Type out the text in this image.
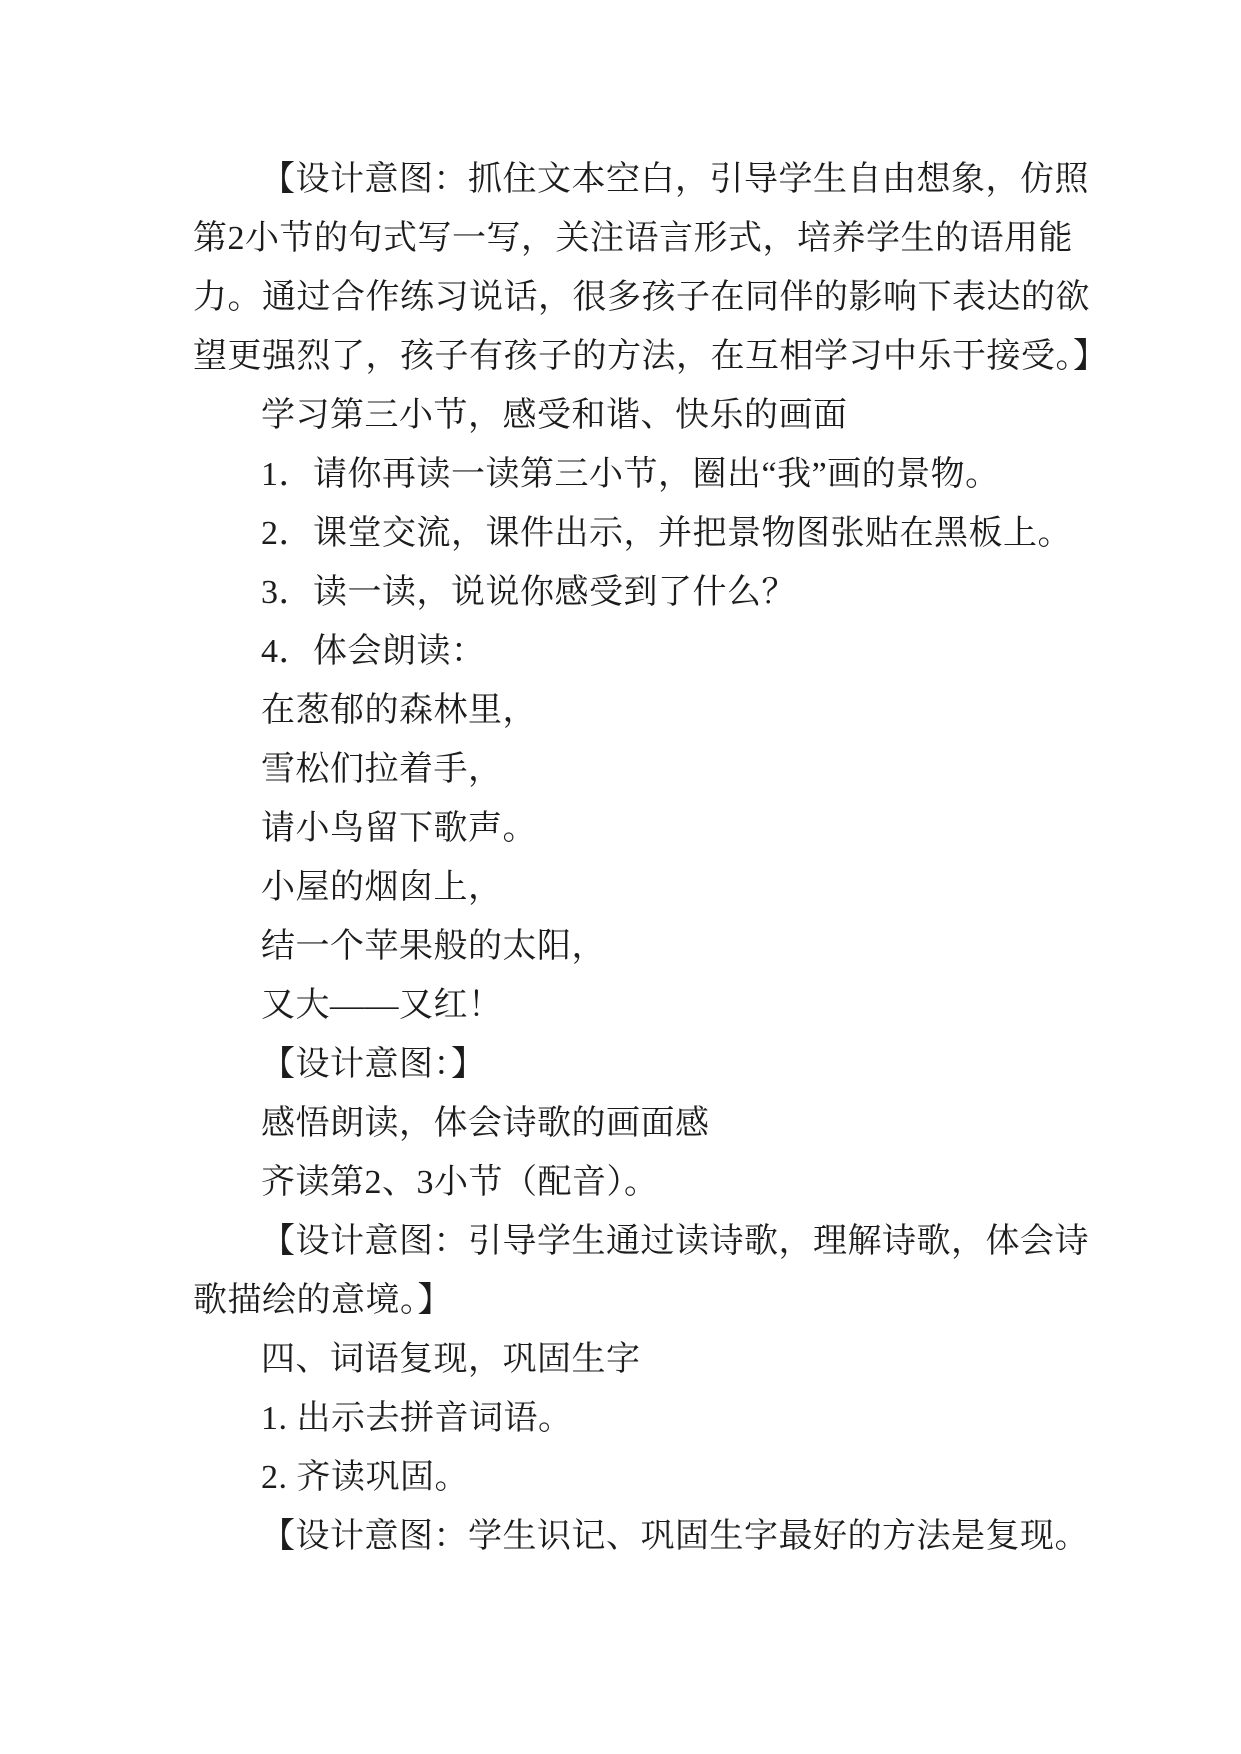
【设计意图：抓住文本空白，引导学生自由想象，仿照
第2小节的句式写一写，关注语言形式，培养学生的语用能
力。通过合作练习说话，很多孩子在同伴的影响下表达的欲
望更强烈了，孩子有孩子的方法，在互相学习中乐于接受。】
学习第三小节，感受和谐、快乐的画面
1．请你再读一读第三小节，圈出“我”画的景物。
2．课堂交流，课件出示，并把景物图张贴在黑板上。
3．读一读，说说你感受到了什么？
4．体会朗读：
在葱郁的森林里，
雪松们拉着手，
请小鸟留下歌声。
小屋的烟囱上，
结一个苹果般的太阳，
又大——又红！
【设计意图：】
感悟朗读，体会诗歌的画面感
齐读第2、3小节（配音）。
【设计意图：引导学生通过读诗歌，理解诗歌，体会诗
歌描绘的意境。】
四、词语复现，巩固生字
1. 出示去拼音词语。
2. 齐读巩固。
【设计意图：学生识记、巩固生字最好的方法是复现。
